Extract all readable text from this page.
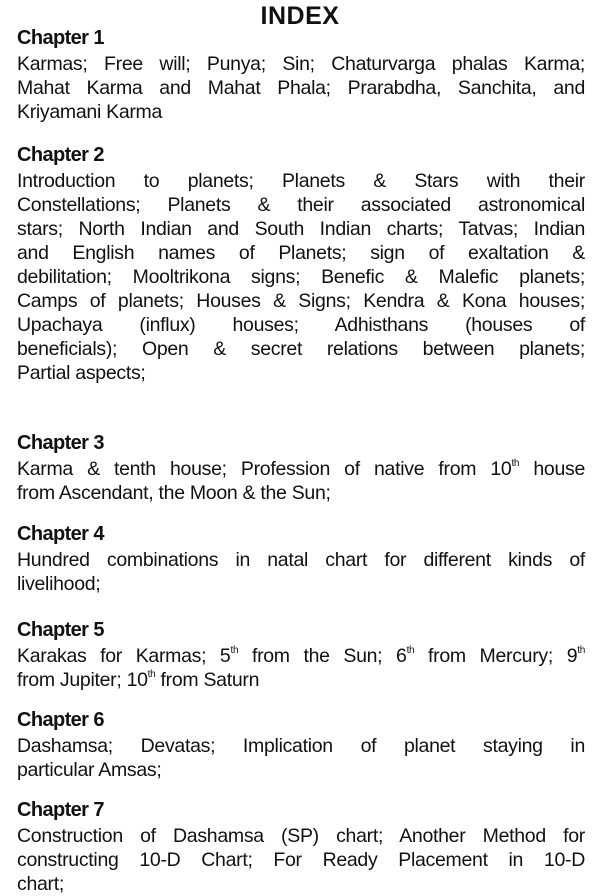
INDEX
Chapter 1
Karmas; Free will; Punya; Sin; Chaturvarga phalas Karma;
Mahat Karma and Mahat Phala; Prarabdha, Sanchita, and
Kriyamani Karma
Chapter 2
Introduction to planets; Planets & Stars with their
Constellations; Planets & their associated astronomical
stars; North Indian and South Indian charts; Tatvas; Indian
and English names of Planets; sign of exaltation &
debilitation; Mooltrikona signs; Benefic & Malefic planets;
Camps of planets; Houses & Signs; Kendra & Kona houses;
Upachaya (influx) houses; Adhisthans (houses of
beneficials); Open & secret relations between planets;
Partial aspects;
Chapter 3
Karma & tenth house; Profession of native from 10th house
from Ascendant, the Moon & the Sun;
Chapter 4
Hundred combinations in natal chart for different kinds of
livelihood;
Chapter 5
Karakas for Karmas; 5th from the Sun; 6th from Mercury; 9th
from Jupiter; 10th from Saturn
Chapter 6
Dashamsa; Devatas; Implication of planet staying in
particular Amsas;
Chapter 7
Construction of Dashamsa (SP) chart; Another Method for
constructing 10-D Chart; For Ready Placement in 10-D
chart;
